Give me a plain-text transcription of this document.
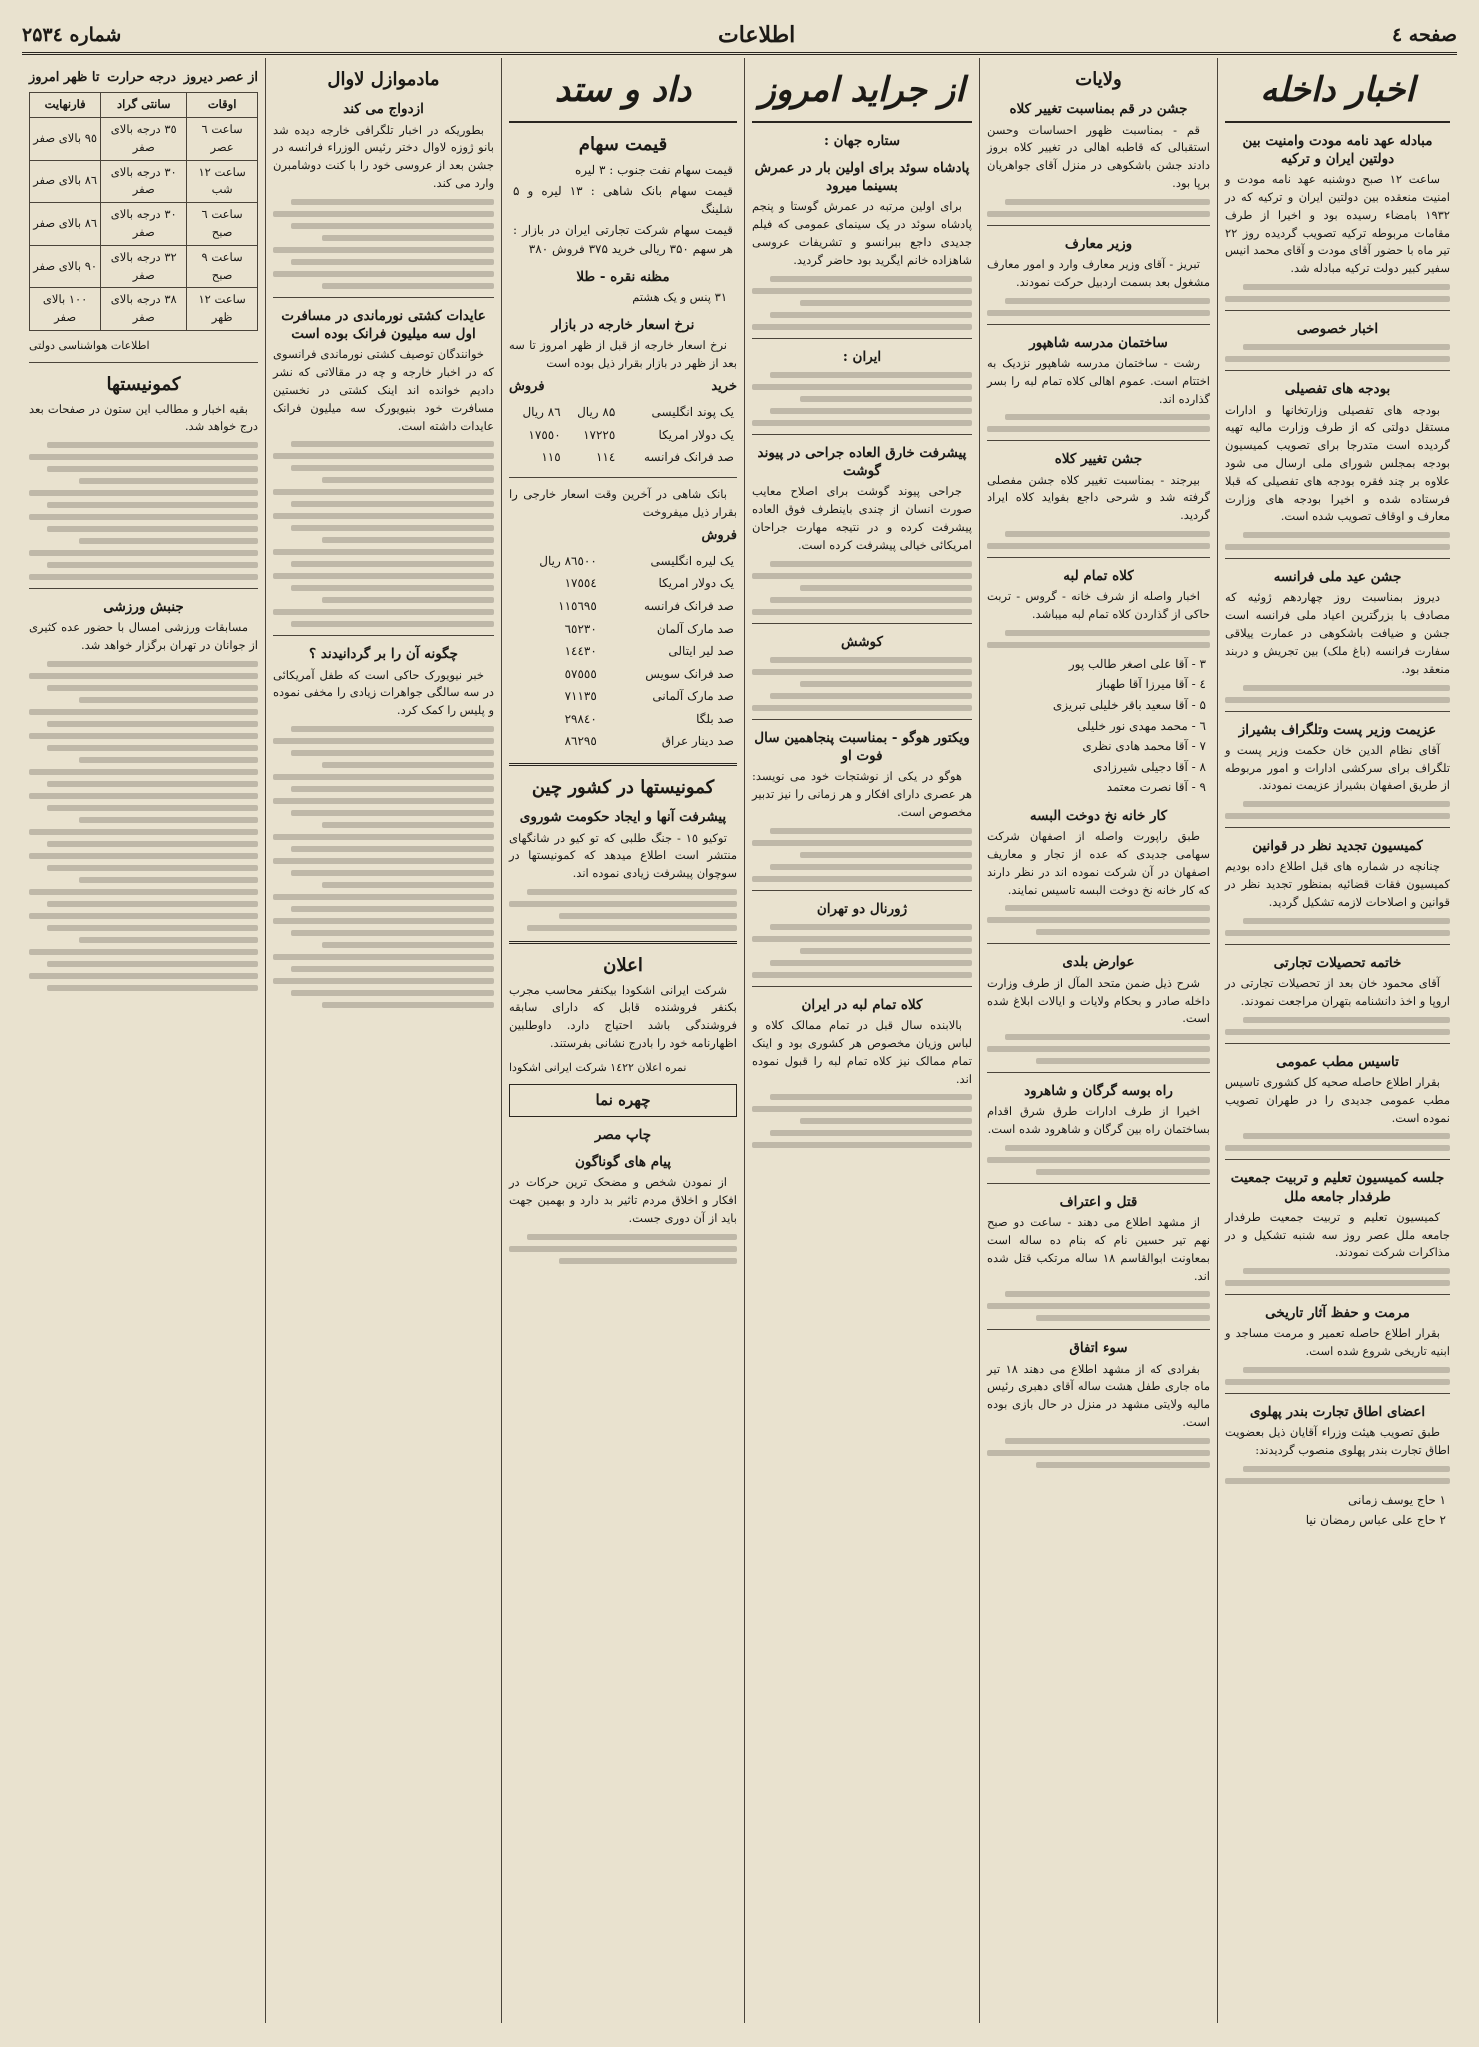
صفحه ٤
اطلاعات
شماره ۲۵۳٤
اخبار داخله
مبادله عهد نامه مودت وامنیت بین دولتین ایران و ترکیه

ساعت ۱۲ صبح دوشنبه عهد نامه مودت و امنیت منعقده بین دولتین ایران و ترکیه که در ۱۹۳۲ بامضاء رسیده بود و اخیرا از طرف مقامات مربوطه ترکیه تصویب گردیده روز ۲۲ تیر ماه با حضور آقای مودت و آقای محمد انیس سفیر کبیر دولت ترکیه مبادله شد.

اخبار خصوصی
بودجه های تفصیلی

بودجه های تفصیلی وزارتخانها و ادارات مستقل دولتی که از طرف وزارت مالیه تهیه گردیده است متدرجا برای تصویب کمیسیون بودجه بمجلس شورای ملی ارسال می شود علاوه بر چند فقره بودجه های تفصیلی که قبلا فرستاده شده و اخیرا بودجه های وزارت معارف و اوقاف تصویب شده است.

جشن عید ملی فرانسه

دیروز بمناسبت روز چهاردهم ژوئیه که مصادف با بزرگترین اعیاد ملی فرانسه است جشن و ضیافت باشکوهی در عمارت ییلاقی سفارت فرانسه (باغ ملک) بین تجریش و دربند منعقد بود.

عزیمت وزیر پست وتلگراف بشیراز

آقای نظام الدین خان حکمت وزیر پست و تلگراف برای سرکشی ادارات و امور مربوطه از طریق اصفهان بشیراز عزیمت نمودند.

کمیسیون تجدید نظر در قوانین

چنانچه در شماره های قبل اطلاع داده بودیم کمیسیون فقات قضائیه بمنظور تجدید نظر در قوانین و اصلاحات لازمه تشکیل گردید.

خاتمه تحصیلات تجارتی

آقای محمود خان بعد از تحصیلات تجارتی در اروپا و اخذ دانشنامه بتهران مراجعت نمودند.

تاسیس مطب عمومی

بقرار اطلاع حاصله صحیه کل کشوری تاسیس مطب عمومی جدیدی را در طهران تصویب نموده است.

جلسه کمیسیون تعلیم و تربیت جمعیت طرفدار جامعه ملل

کمیسیون تعلیم و تربیت جمعیت طرفدار جامعه ملل عصر روز سه شنبه تشکیل و در مذاکرات شرکت نمودند.

مرمت و حفظ آثار تاریخی

بقرار اطلاع حاصله تعمیر و مرمت مساجد و ابنیه تاریخی شروع شده است.

اعضای اطاق تجارت بندر پهلوی

طبق تصویب هیئت وزراء آقایان ذیل بعضویت اطاق تجارت بندر پهلوی منصوب گردیدند:

۱ حاج یوسف زمانی
۲ حاج علی عباس رمضان نیا
ولایات
جشن در قم بمناسبت تغییر کلاه

قم - بمناسبت ظهور احساسات وحسن استقبالی که قاطبه اهالی در تغییر کلاه بروز دادند جشن باشکوهی در منزل آقای جواهریان برپا بود.

وزیر معارف

تبریز - آقای وزیر معارف وارد و امور معارف مشغول بعد بسمت اردبیل حرکت نمودند.

ساختمان مدرسه شاهپور

رشت - ساختمان مدرسه شاهپور نزدیک به اختتام است. عموم اهالی کلاه تمام لبه را بسر گذارده اند.

جشن تغییر کلاه

بیرجند - بمناسبت تغییر کلاه جشن مفصلی گرفته شد و شرحی داجع بفواید کلاه ایراد گردید.

کلاه تمام لبه

اخبار واصله از شرف خانه - گروس - تربت حاکی از گذاردن کلاه تمام لبه میباشد.

۳ - آقا علی اصغر طالب پور
٤ - آقا میرزا آقا طهباز
۵ - آقا سعید باقر خلیلی تبریزی
٦ - محمد مهدی نور خلیلی
۷ - آقا محمد هادی نظری
۸ - آقا دجیلی شیرزادی
۹ - آقا نصرت معتمد
کار خانه نخ دوخت البسه

طبق راپورت واصله از اصفهان شرکت سهامی جدیدی که عده از تجار و معاریف اصفهان در آن شرکت نموده اند در نظر دارند که کار خانه نخ دوخت البسه تاسیس نمایند.

عوارض بلدی

شرح ذیل ضمن متحد المآل از طرف وزارت داخله صادر و بحکام ولایات و ایالات ابلاغ شده است.

راه بوسه گرگان و شاهرود

اخیرا از طرف ادارات طرق شرق اقدام بساختمان راه بین گرگان و شاهرود شده است.

قتل و اعتراف

از مشهد اطلاع می دهند - ساعت دو صبح نهم تیر حسین نام که بنام ده ساله است بمعاونت ابوالقاسم ۱۸ ساله مرتکب قتل شده اند.

سوء اتفاق

بفرادی که از مشهد اطلاع می دهند ۱۸ تیر ماه جاری طفل هشت ساله آقای دهبری رئیس مالیه ولایتی مشهد در منزل در حال بازی بوده است.

از جراید امروز
ستاره جهان :
پادشاه سوئد برای اولین بار در عمرش بسینما میرود

برای اولین مرتبه در عمرش گوستا و پنجم پادشاه سوئد در یک سینمای عمومی که فیلم جدیدی داجع ببرانسو و تشریفات عروسی شاهزاده خانم ایگرید بود حاضر گردید.

ایران :
پیشرفت خارق العاده جراحی در پیوند گوشت

جراحی پیوند گوشت برای اصلاح معایب صورت انسان از چندی باینطرف فوق العاده پیشرفت کرده و در نتیجه مهارت جراحان امریکائی خیالی پیشرفت کرده است.

کوشش
ویکتور هوگو - بمناسبت پنجاهمین سال فوت او

هوگو در یکی از نوشتجات خود می نویسد: هر عصری دارای افکار و هر زمانی را نیز تدبیر مخصوص است.

ژورنال دو تهران
کلاه تمام لبه در ایران

بالابنده سال قبل در تمام ممالک کلاه و لباس وزیان مخصوص هر کشوری بود و اینک تمام ممالک نیز کلاه تمام لبه را قبول نموده اند.

داد و ستد
قیمت سهام
قیمت سهام نفت جنوب : ۳ لیره
قیمت سهام بانک شاهی : ۱۳ لیره و ۵ شلینگ
قیمت سهام شرکت تجارتی ایران در بازار : هر سهم ۳۵۰ ریالی خرید ۳۷۵ فروش ۳۸۰
مظنه نقره - طلا

۳۱ پنس و یک هشتم

نرخ اسعار خارجه در بازار

نرخ اسعار خارجه از قبل از ظهر امروز تا سه بعد از ظهر در بازار بقرار ذیل بوده است

خرید
فروش
یک پوند انگلیسی	۸۵ ریال	۸٦ ریال
یک دولار امریکا	۱۷۲۲٥	۱۷٥٥۰
صد فرانک فرانسه	۱۱٤	۱۱٥

بانک شاهی در آخرین وقت اسعار خارجی را بقرار ذیل میفروخت

فروش
یک لیره انگلیسی	۸٦٥۰۰ ریال
یک دولار امریکا	۱۷٥٥٤
صد فرانک فرانسه	۱۱٥٦۹٥
صد مارک آلمان	٦٥۲۳۰
صد لیر ایتالی	۱٤٤۳۰
صد فرانک سویس	٥٧٥٥٥
صد مارک آلمانی	۷۱۱۳٥
صد بلگا	۲۹۸٤۰
صد دینار عراق	۸٦۲۹٥
کمونیستها در کشور چین
پیشرفت آنها و ایجاد حکومت شوروی

توکیو ۱٥ - جنگ طلبی که تو کیو در شانگهای منتشر است اطلاع میدهد که کمونیستها در سوچوان پیشرفت زیادی نموده اند.

اعلان

شرکت ایرانی اشکودا بیکنفر محاسب مجرب بکنفر فروشنده قابل که دارای سابقه فروشندگی باشد احتیاج دارد. داوطلبین اظهارنامه خود را بادرج نشانی بفرستند.

نمره اعلان ۱٤۲۲ شرکت ایرانی اشکودا
چهره نما
چاپ مصر
پیام های گوناگون

از نمودن شخص و مضحک ترین حرکات در افکار و اخلاق مردم تاثیر بد دارد و بهمین جهت باید از آن دوری جست.

مادموازل لاوال
ازدواج می کند

بطوریکه در اخبار تلگرافی خارجه دیده شد بانو ژوزه لاوال دختر رئیس الوزراء فرانسه در جشن بعد از عروسی خود را با کنت دوشامبرن وارد می کند.

عایدات کشتی نورماندی در مسافرت اول سه میلیون فرانک بوده است

خوانندگان توصیف کشتی نورماندی فرانسوی که در اخبار خارجه و چه در مقالاتی که نشر دادیم خوانده اند اینک کشتی در نخستین مسافرت خود بنیویورک سه میلیون فرانک عایدات داشته است.

چگونه آن را بر گردانیدند ؟

خبر نیویورک حاکی است که طفل آمریکائی در سه سالگی جواهرات زیادی را مخفی نموده و پلیس را کمک کرد.

از عصر دیروز
درجه حرارت
تا ظهر امروز
اوقات	سانتی گراد	فارنهایت
ساعت ٦ عصر	۳٥ درجه بالای صفر	۹٥ بالای صفر
ساعت ۱۲ شب	۳۰ درجه بالای صفر	۸٦ بالای صفر
ساعت ٦ صبح	۳۰ درجه بالای صفر	۸٦ بالای صفر
ساعت ۹ صبح	۳۲ درجه بالای صفر	۹۰ بالای صفر
ساعت ۱۲ ظهر	۳۸ درجه بالای صفر	۱۰۰ بالای صفر
اطلاعات هواشناسی دولتی
کمونیستها

بقیه اخبار و مطالب این ستون در صفحات بعد درج خواهد شد.

جنبش ورزشی

مسابقات ورزشی امسال با حضور عده کثیری از جوانان در تهران برگزار خواهد شد.
